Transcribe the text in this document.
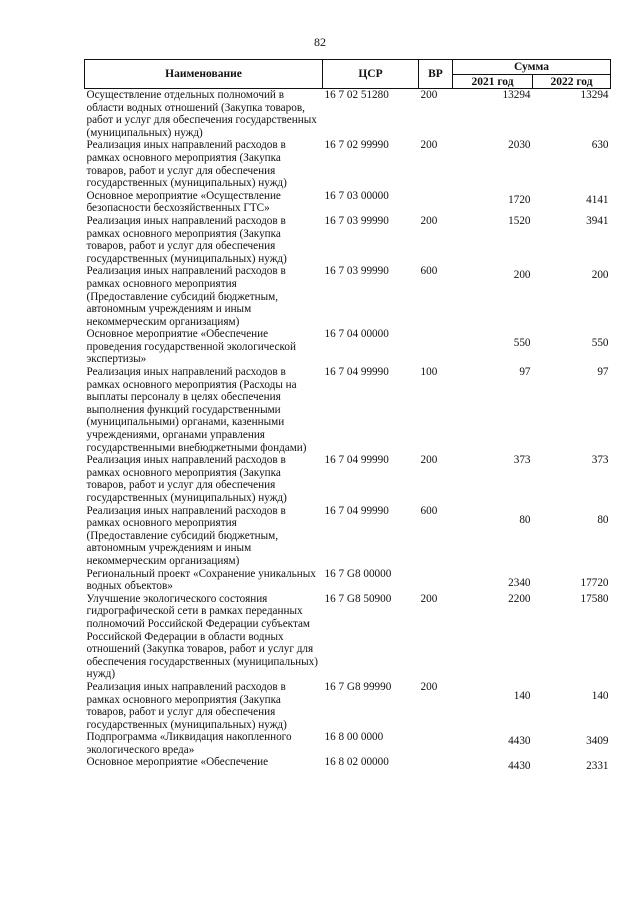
82
Наименование	ЦСР	ВР	Сумма	
			2021 год	2022 год
Осуществление отдельных полномочий в области водных отношений (Закупка товаров, работ и услуг для обеспечения государственных (муниципальных) нужд)	16 7 02 51280	200	13294	13294
Реализация иных направлений расходов в рамках основного мероприятия (Закупка товаров, работ и услуг для обеспечения государственных (муниципальных) нужд)	16 7 02 99990	200	2030	630
Основное мероприятие «Осуществление безопасности бесхозяйственных ГТС»	16 7 03 00000		1720	4141
Реализация иных направлений расходов в рамках основного мероприятия (Закупка товаров, работ и услуг для обеспечения государственных (муниципальных) нужд)	16 7 03 99990	200	1520	3941
Реализация иных направлений расходов в рамках основного мероприятия (Предоставление субсидий бюджетным, автономным учреждениям и иным некоммерческим организациям)	16 7 03 99990	600	200	200
Основное мероприятие «Обеспечение проведения государственной экологической экспертизы»	16 7 04 00000		550	550
Реализация иных направлений расходов в рамках основного мероприятия (Расходы на выплаты персоналу в целях обеспечения выполнения функций государственными (муниципальными) органами, казенными учреждениями, органами управления государственными внебюджетными фондами)	16 7 04 99990	100	97	97
Реализация иных направлений расходов в рамках основного мероприятия (Закупка товаров, работ и услуг для обеспечения государственных (муниципальных) нужд)	16 7 04 99990	200	373	373
Реализация иных направлений расходов в рамках основного мероприятия (Предоставление субсидий бюджетным, автономным учреждениям и иным некоммерческим организациям)	16 7 04 99990	600	80	80
Региональный проект «Сохранение уникальных водных объектов»	16 7 G8 00000		2340	17720
Улучшение экологического состояния гидрографической сети в рамках переданных полномочий Российской Федерации субъектам Российской Федерации в области водных отношений (Закупка товаров, работ и услуг для обеспечения государственных (муниципальных) нужд)	16 7 G8 50900	200	2200	17580
Реализация иных направлений расходов в рамках основного мероприятия (Закупка товаров, работ и услуг для обеспечения государственных (муниципальных) нужд)	16 7 G8 99990	200	140	140
Подпрограмма «Ликвидация накопленного экологического вреда»	16 8 00 0000		4430	3409
Основное мероприятие «Обеспечение	16 8 02 00000		4430	2331
